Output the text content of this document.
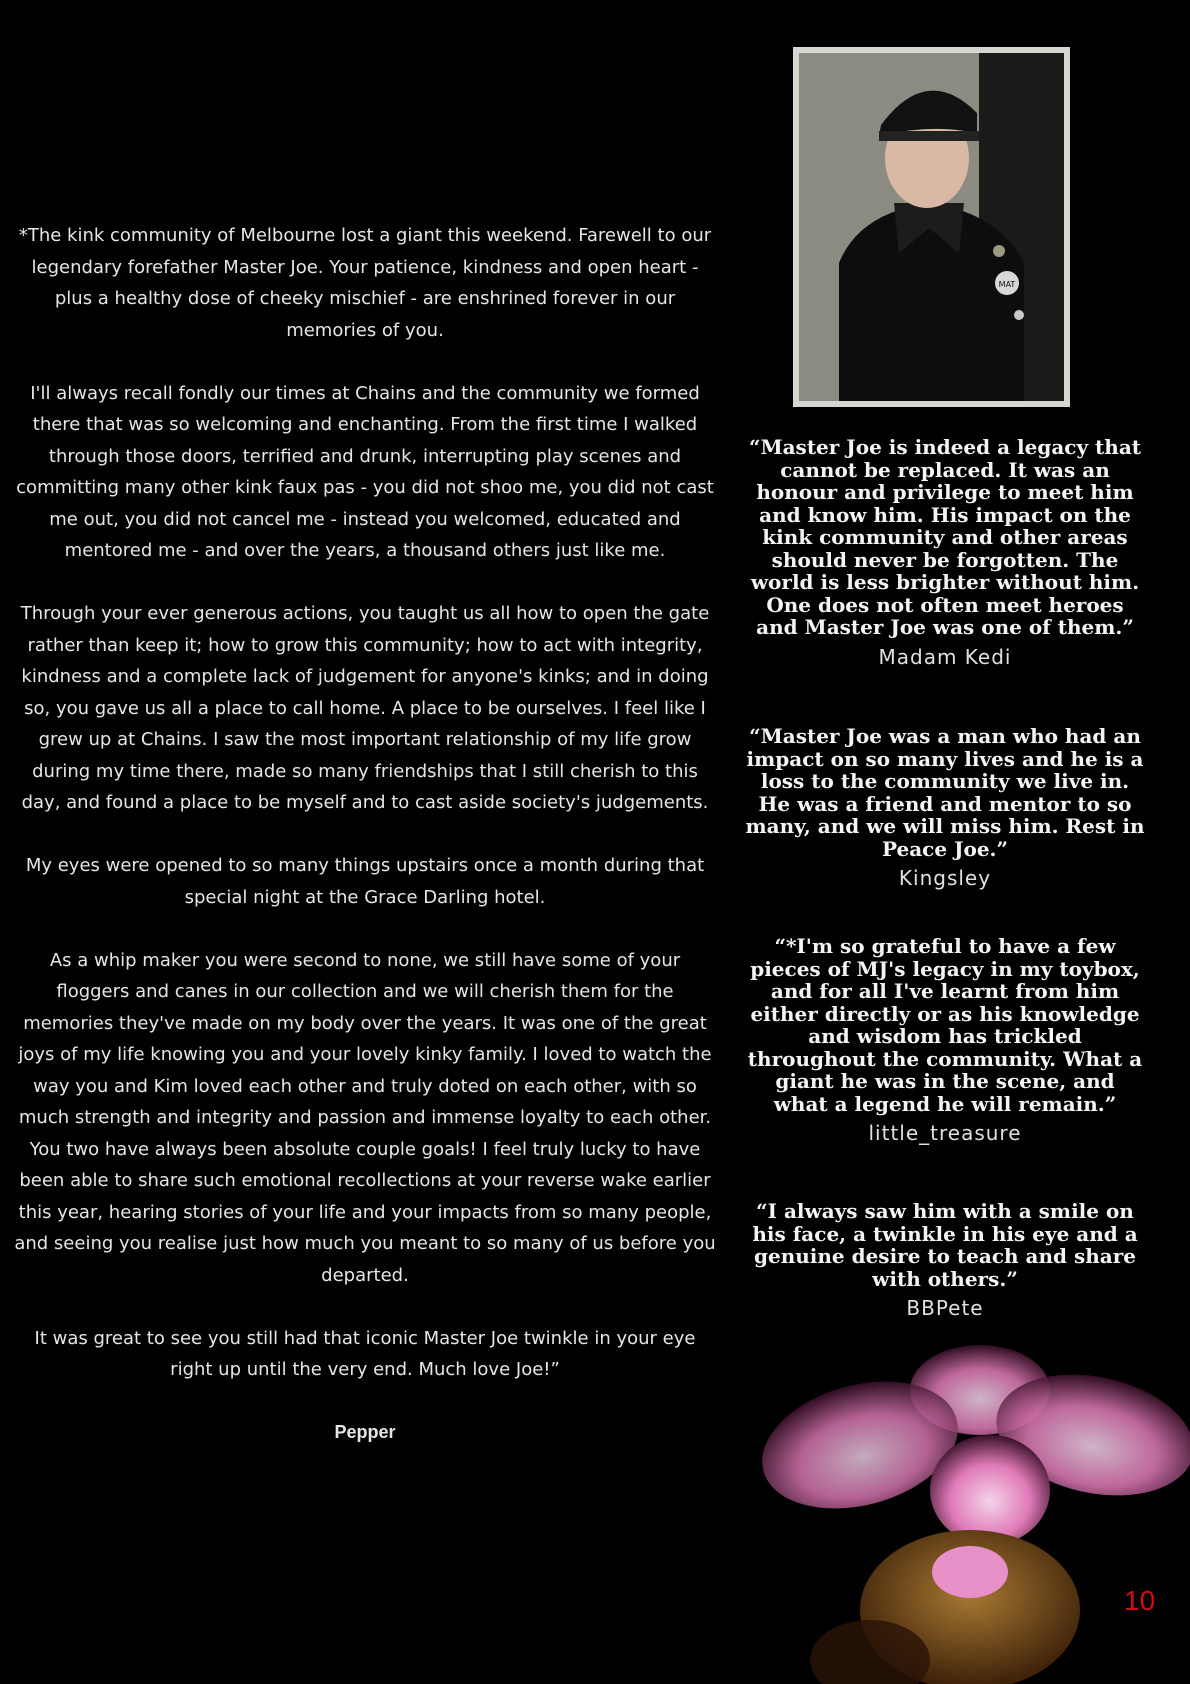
*The kink community of Melbourne lost a giant this weekend. Farewell to our legendary forefather Master Joe. Your patience, kindness and open heart - plus a healthy dose of cheeky mischief - are enshrined forever in our memories of you.

I'll always recall fondly our times at Chains and the community we formed there that was so welcoming and enchanting. From the first time I walked through those doors, terrified and drunk, interrupting play scenes and committing many other kink faux pas - you did not shoo me, you did not cast me out, you did not cancel me - instead you welcomed, educated and mentored me - and over the years, a thousand others just like me.

Through your ever generous actions, you taught us all how to open the gate rather than keep it; how to grow this community; how to act with integrity, kindness and a complete lack of judgement for anyone's kinks; and in doing so, you gave us all a place to call home. A place to be ourselves. I feel like I grew up at Chains. I saw the most important relationship of my life grow during my time there, made so many friendships that I still cherish to this day, and found a place to be myself and to cast aside society's judgements.

My eyes were opened to so many things upstairs once a month during that special night at the Grace Darling hotel.

As a whip maker you were second to none, we still have some of your floggers and canes in our collection and we will cherish them for the memories they've made on my body over the years. It was one of the great joys of my life knowing you and your lovely kinky family. I loved to watch the way you and Kim loved each other and truly doted on each other, with so much strength and integrity and passion and immense loyalty to each other. You two have always been absolute couple goals! I feel truly lucky to have been able to share such emotional recollections at your reverse wake earlier this year, hearing stories of your life and your impacts from so many people, and seeing you realise just how much you meant to so many of us before you departed.

It was great to see you still had that iconic Master Joe twinkle in your eye right up until the very end. Much love Joe!”

Pepper
MAT

“Master Joe is indeed a legacy that cannot be replaced. It was an honour and privilege to meet him and know him. His impact on the kink community and other areas should never be forgotten. The world is less brighter without him. One does not often meet heroes and Master Joe was one of them.”

Madam Kedi

“Master Joe was a man who had an impact on so many lives and he is a loss to the community we live in. He was a friend and mentor to so many, and we will miss him. Rest in Peace Joe.”

Kingsley

“*I'm so grateful to have a few pieces of MJ's legacy in my toybox, and for all I've learnt from him either directly or as his knowledge and wisdom has trickled throughout the community. What a giant he was in the scene, and what a legend he will remain.”

little_treasure

“I always saw him with a smile on his face, a twinkle in his eye and a genuine desire to teach and share with others.”

BBPete
10
